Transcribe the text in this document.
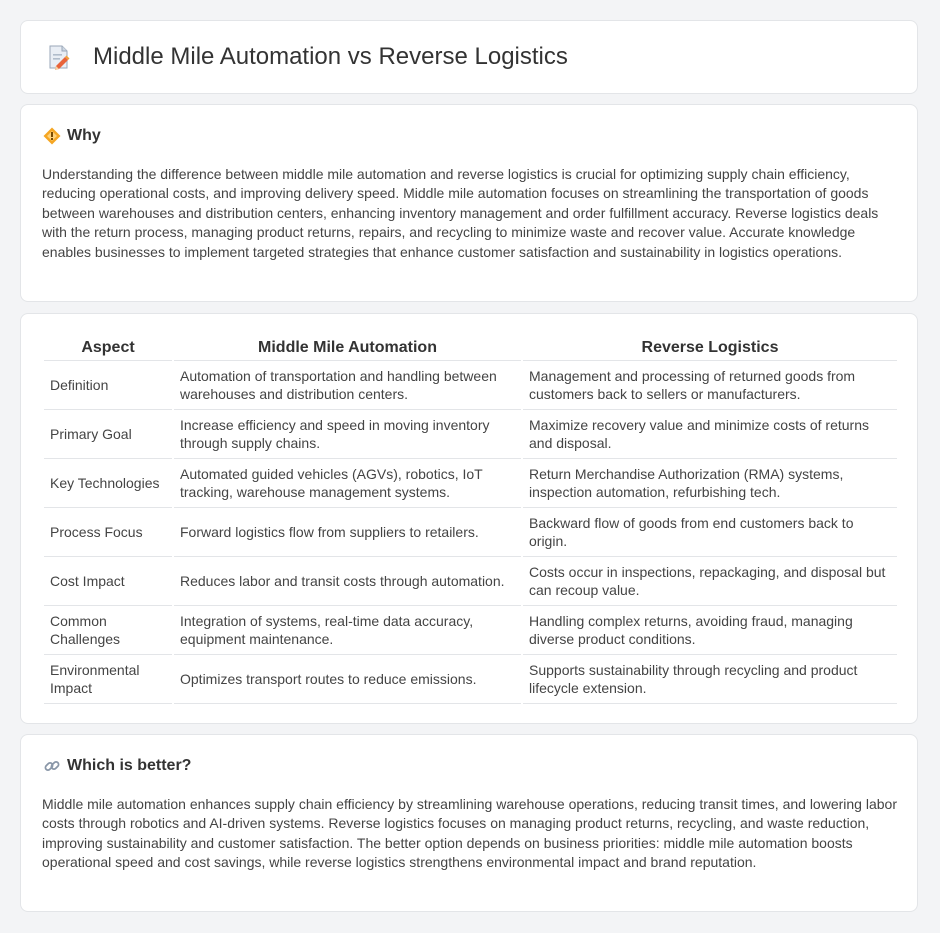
Middle Mile Automation vs Reverse Logistics
Why
Understanding the difference between middle mile automation and reverse logistics is crucial for optimizing supply chain efficiency, reducing operational costs, and improving delivery speed. Middle mile automation focuses on streamlining the transportation of goods between warehouses and distribution centers, enhancing inventory management and order fulfillment accuracy. Reverse logistics deals with the return process, managing product returns, repairs, and recycling to minimize waste and recover value. Accurate knowledge enables businesses to implement targeted strategies that enhance customer satisfaction and sustainability in logistics operations.
Aspect	Middle Mile Automation	Reverse Logistics
Definition	Automation of transportation and handling between warehouses and distribution centers.	Management and processing of returned goods from customers back to sellers or manufacturers.
Primary Goal	Increase efficiency and speed in moving inventory through supply chains.	Maximize recovery value and minimize costs of returns and disposal.
Key Technologies	Automated guided vehicles (AGVs), robotics, IoT tracking, warehouse management systems.	Return Merchandise Authorization (RMA) systems, inspection automation, refurbishing tech.
Process Focus	Forward logistics flow from suppliers to retailers.	Backward flow of goods from end customers back to origin.
Cost Impact	Reduces labor and transit costs through automation.	Costs occur in inspections, repackaging, and disposal but can recoup value.
Common Challenges	Integration of systems, real-time data accuracy, equipment maintenance.	Handling complex returns, avoiding fraud, managing diverse product conditions.
Environmental Impact	Optimizes transport routes to reduce emissions.	Supports sustainability through recycling and product lifecycle extension.
Which is better?
Middle mile automation enhances supply chain efficiency by streamlining warehouse operations, reducing transit times, and lowering labor costs through robotics and AI-driven systems. Reverse logistics focuses on managing product returns, recycling, and waste reduction, improving sustainability and customer satisfaction. The better option depends on business priorities: middle mile automation boosts operational speed and cost savings, while reverse logistics strengthens environmental impact and brand reputation.
